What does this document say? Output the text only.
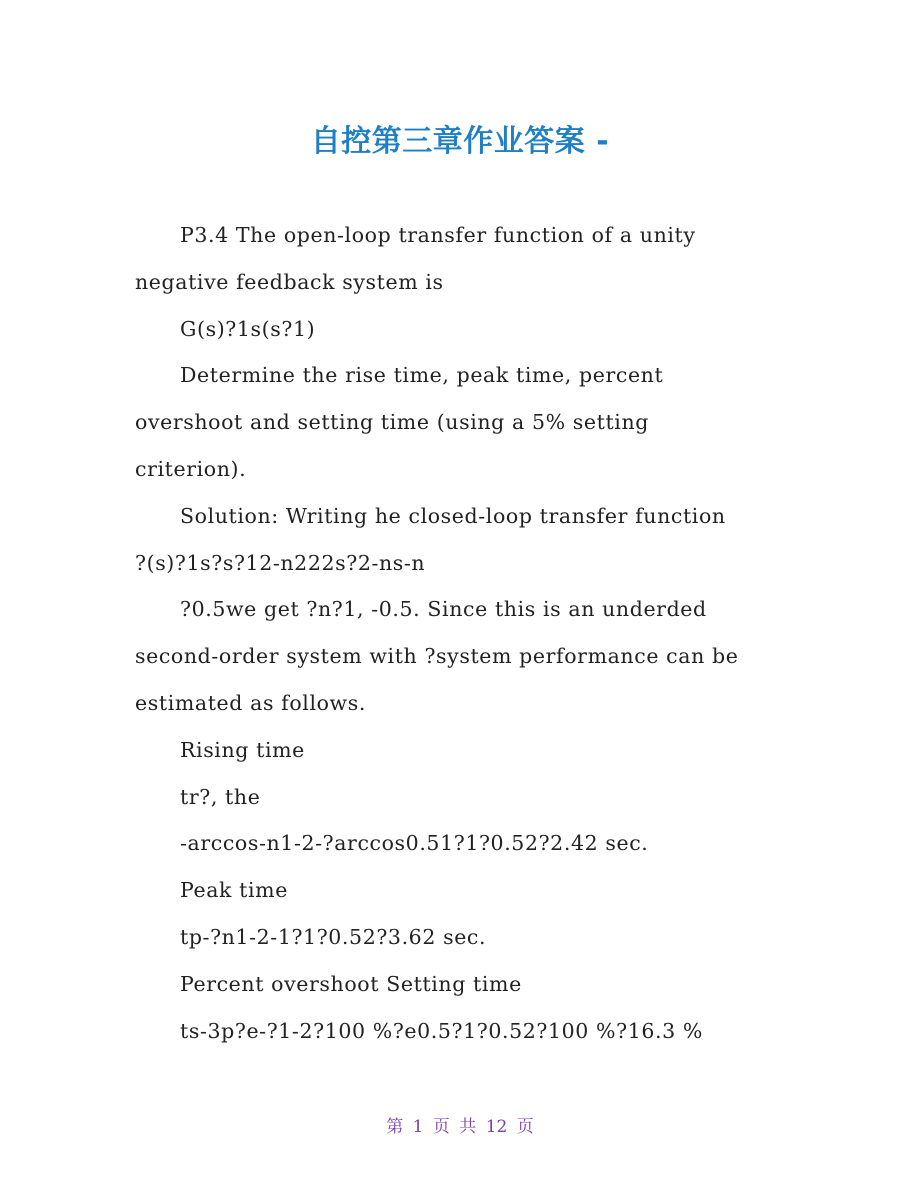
自控第三章作业答案 -
P3.4 The open-loop transfer function of a unity
negative feedback system is
G(s)?1s(s?1)
Determine the rise time, peak time, percent
overshoot and setting time (using a 5% setting
criterion).
Solution: Writing he closed-loop transfer function
?(s)?1s?s?12-n222s?2-ns-n
?0.5we get ?n?1, -0.5. Since this is an underded
second-order system with ?system performance can be
estimated as follows.
Rising time
tr?, the
-arccos-n1-2-?arccos0.51?1?0.52?2.42 sec.
Peak time
tp-?n1-2-1?1?0.52?3.62 sec.
Percent overshoot Setting time
ts-3p?e-?1-2?100 %?e0.5?1?0.52?100 %?16.3 %
第 1 页 共 12 页
